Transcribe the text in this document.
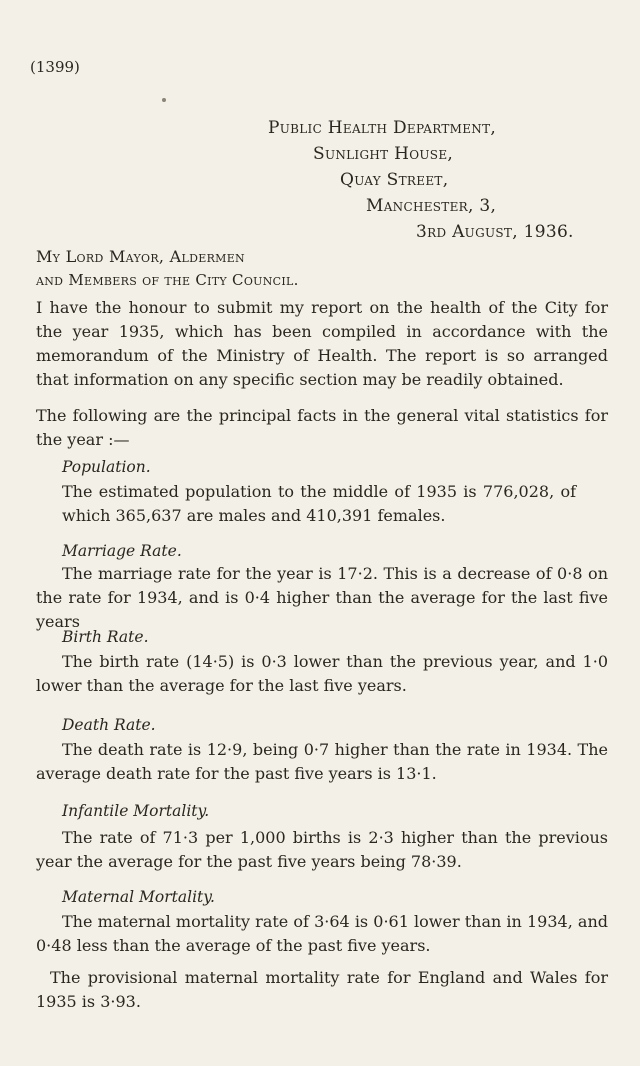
(1399)
Public Health Department,
Sunlight House,
Quay Street,
Manchester, 3,
3rd August, 1936.
My Lord Mayor, Aldermen
and Members of the City Council.
I have the honour to submit my report on the health of the City for the year 1935, which has been compiled in accordance with the memorandum of the Ministry of Health. The report is so arranged that information on any specific section may be readily obtained.
The following are the principal facts in the general vital statistics for the year :—
Population.
The estimated population to the middle of 1935 is 776,028, of which 365,637 are males and 410,391 females.
Marriage Rate.
The marriage rate for the year is 17·2. This is a decrease of 0·8 on the rate for 1934, and is 0·4 higher than the average for the last five years
Birth Rate.
The birth rate (14·5) is 0·3 lower than the previous year, and 1·0 lower than the average for the last five years.
Death Rate.
The death rate is 12·9, being 0·7 higher than the rate in 1934. The average death rate for the past five years is 13·1.
Infantile Mortality.
The rate of 71·3 per 1,000 births is 2·3 higher than the previous year the average for the past five years being 78·39.
Maternal Mortality.
The maternal mortality rate of 3·64 is 0·61 lower than in 1934, and 0·48 less than the average of the past five years.
The provisional maternal mortality rate for England and Wales for 1935 is 3·93.
